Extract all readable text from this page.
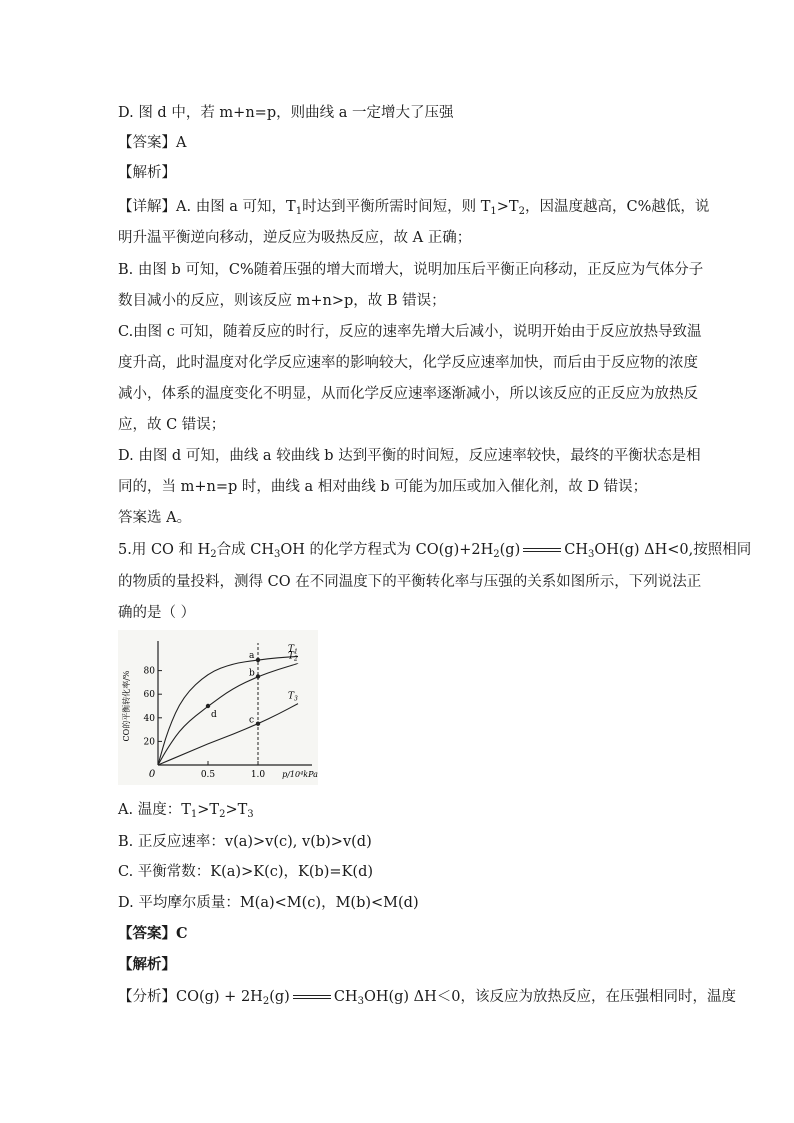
D. 图 d 中，若 m+n=p，则曲线 a 一定增大了压强
【答案】A
【解析】
【详解】A. 由图 a 可知，$T_1$时达到平衡所需时间短，则 $T_1>T_2$，因温度越高，C%越低，说
明升温平衡逆向移动，逆反应为吸热反应，故 A 正确；
B. 由图 b 可知，C%随着压强的增大而增大，说明加压后平衡正向移动，正反应为气体分子
数目减小的反应，则该反应 m+n>p，故 B 错误；
C.由图 c 可知，随着反应的时行，反应的速率先增大后减小，说明开始由于反应放热导致温
度升高，此时温度对化学反应速率的影响较大，化学反应速率加快，而后由于反应物的浓度
减小，体系的温度变化不明显，从而化学反应速率逐渐减小，所以该反应的正反应为放热反
应，故 C 错误；
D. 由图 d 可知，曲线 a 较曲线 b 达到平衡的时间短，反应速率较快，最终的平衡状态是相
同的，当 m+n=p 时，曲线 a 相对曲线 b 可能为加压或加入催化剂，故 D 错误；
答案选 A。
5.用 CO 和 $H_2$合成 $CH_3OH$ 的化学方程式为 $CO(g)+2H_2(g)$	$CH_3OH(g)$ ΔH<0,按照相同
的物质的量投料，测得 CO 在不同温度下的平衡转化率与压强的关系如图所示，下列说法正
确的是（ ）
20
40
60
80
0.5	1.0
0	p/10⁴kPa
CO的平衡转化率/%
$T_1$
$T_2$
$T_3$
a
b
c
d
A. 温度：$T_1>T_2>T_3$
B. 正反应速率：v(a)>v(c), v(b)>v(d)
C. 平衡常数：K(a)>K(c)，K(b)=K(d)
D. 平均摩尔质量：M(a)<M(c)，M(b)<M(d)
【答案】C
【解析】
【分析】$CO(g) + 2H_2(g)$	$CH_3OH(g)$ ΔH＜0，该反应为放热反应，在压强相同时，温度
